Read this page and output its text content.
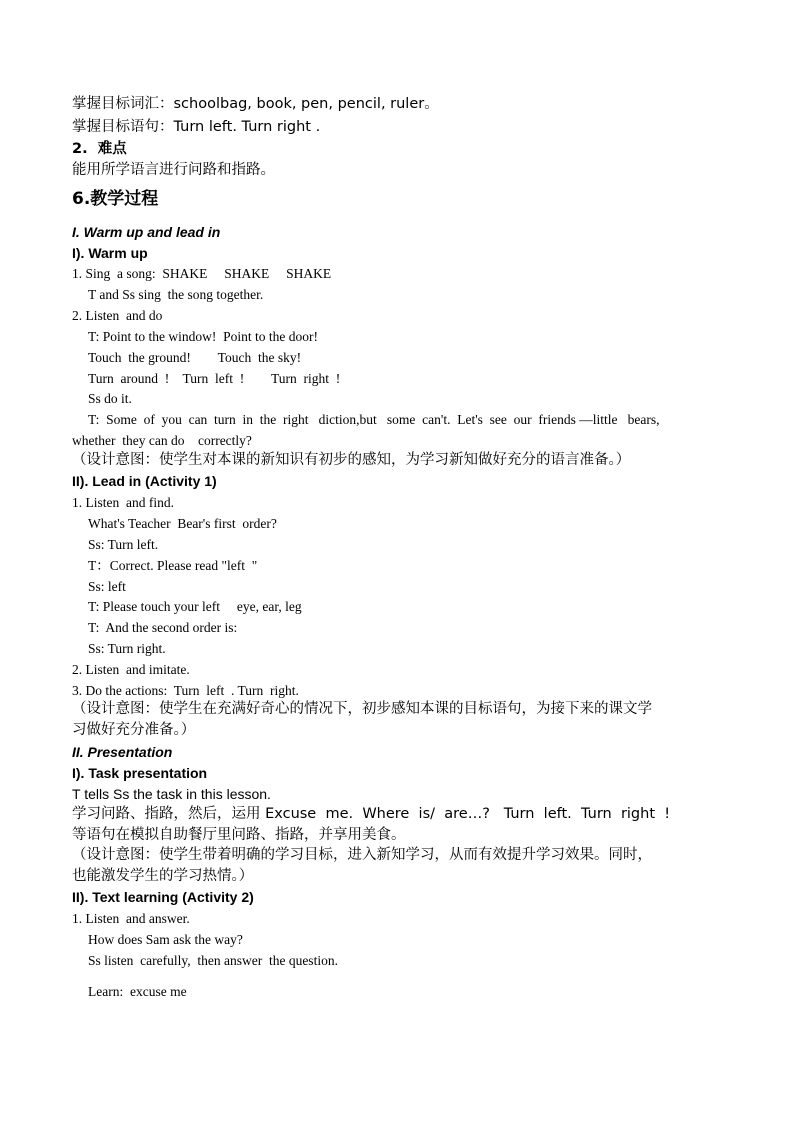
掌握目标词汇：schoolbag, book, pen, pencil, ruler。
掌握目标语句：Turn left. Turn right .
2.  难点
能用所学语言进行问路和指路。
6.教学过程
I. Warm up and lead in
I). Warm up
1. Sing  a song:  SHAKE     SHAKE     SHAKE
T and Ss sing  the song together.
2. Listen  and do
T: Point to the window!  Point to the door!
Touch  the ground!        Touch  the sky!
Turn  around  !    Turn  left  !        Turn  right  !
Ss do it.
T:  Some  of  you  can  turn  in  the  right   diction,but   some  can't.  Let's  see  our  friends —little   bears,
whether  they can do    correctly?
（设计意图：使学生对本课的新知识有初步的感知，为学习新知做好充分的语言准备。）
II). Lead in (Activity 1)
1. Listen  and find.
What's Teacher  Bear's first  order?
Ss: Turn left.
T：Correct. Please read "left  "
Ss: left
T: Please touch your left     eye, ear, leg
T:  And the second order is:
Ss: Turn right.
2. Listen  and imitate.
3. Do the actions:  Turn  left  . Turn  right.
（设计意图：使学生在充满好奇心的情况下，初步感知本课的目标语句，为接下来的课文学
习做好充分准备。）
II. Presentation
I). Task presentation
T tells Ss the task in this lesson.
学习问路、指路，然后，运用 Excuse  me.  Where  is/  are…?   Turn  left.  Turn  right  !
等语句在模拟自助餐厅里问路、指路，并享用美食。
（设计意图：使学生带着明确的学习目标，进入新知学习，从而有效提升学习效果。同时，
也能激发学生的学习热情。）
II). Text learning (Activity 2)
1. Listen  and answer.
How does Sam ask the way?
Ss listen  carefully,  then answer  the question.
Learn:  excuse me
